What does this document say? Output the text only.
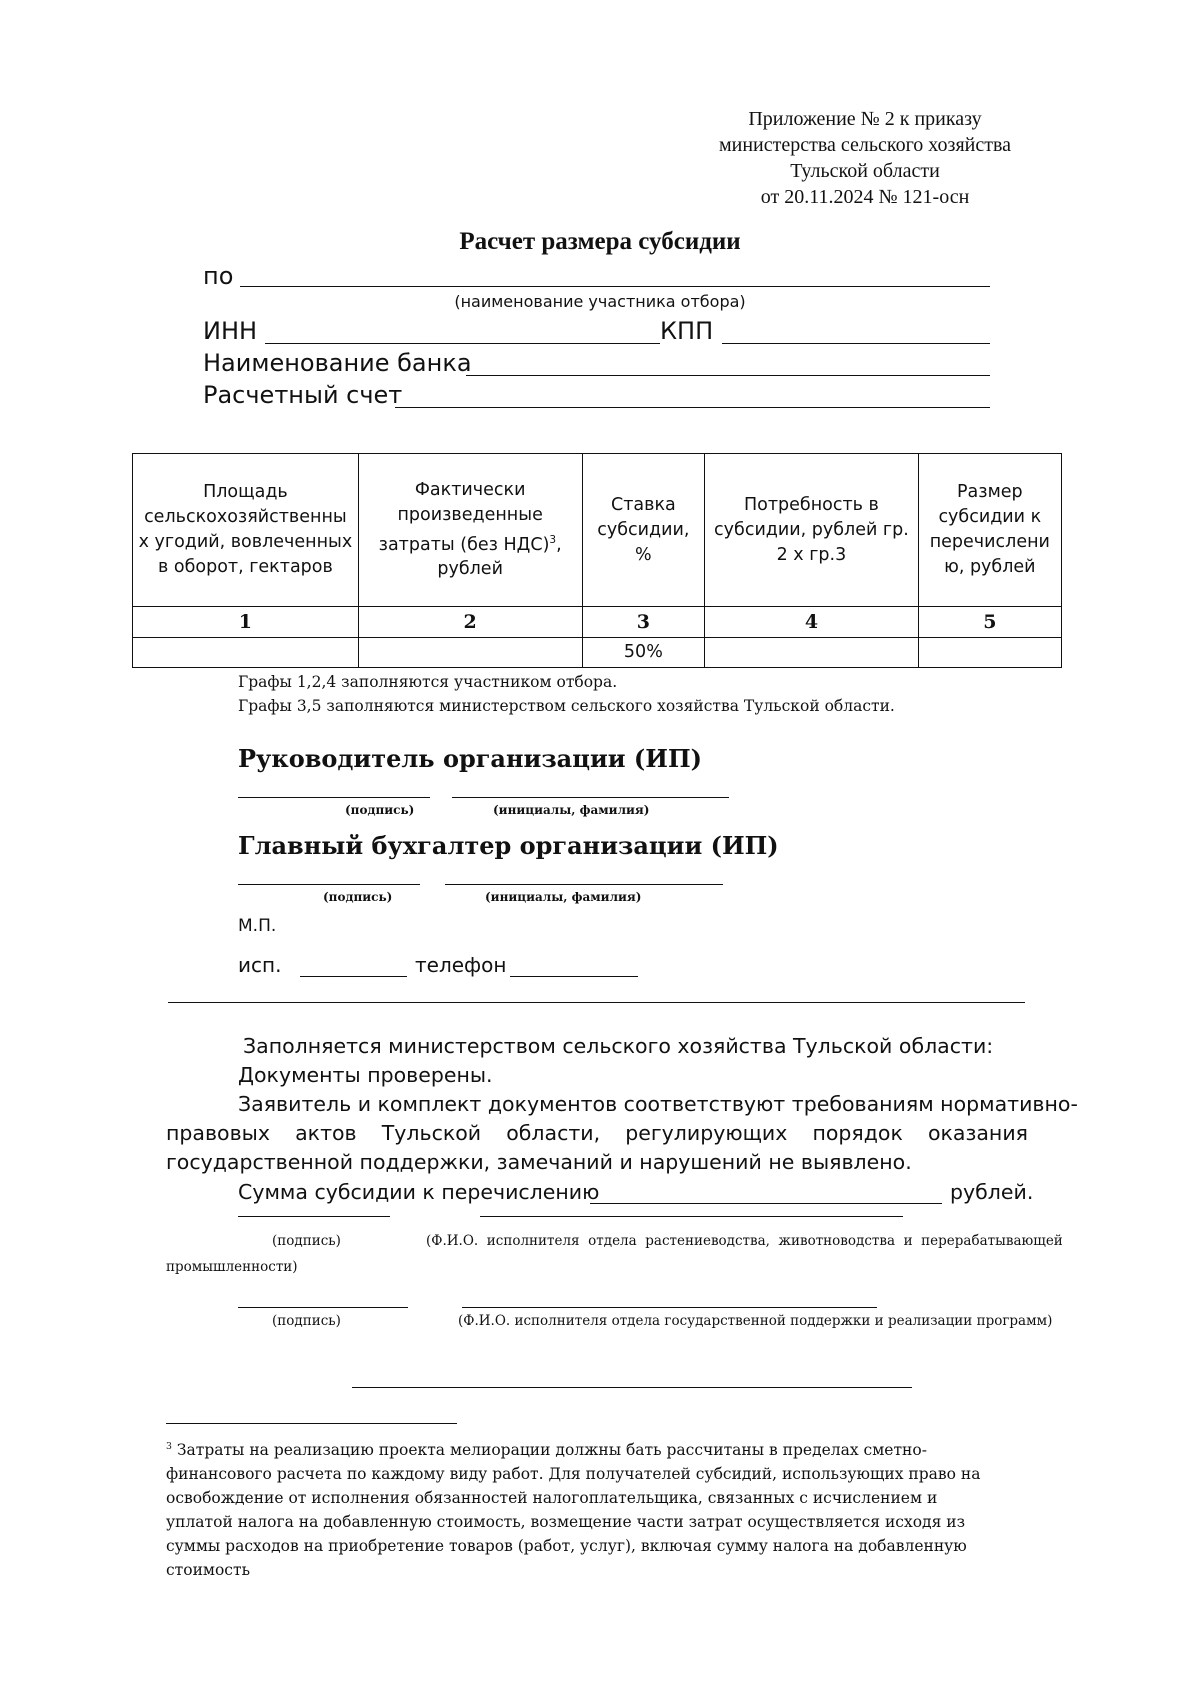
Приложение № 2 к приказу
министерства сельского хозяйства
Тульской области
от 20.11.2024 № 121-осн
Расчет размера субсидии
по
(наименование участника отбора)
ИНН	КПП
Наименование банка
Расчетный счет
Площадь сельскохозяйственны х угодий, вовлеченных в оборот, гектаров	Фактически произведенные затраты (без НДС)$^3$, рублей	Ставка субсидии, %	Потребность в субсидии, рублей гр. 2 х гр.3	Размер субсидии к перечислени ю, рублей
1	2	3	4	5
		50%		
Графы 1,2,4 заполняются участником отбора.
Графы 3,5 заполняются министерством сельского хозяйства Тульской области.
Руководитель организации (ИП)
(подпись)	(инициалы, фамилия)
Главный бухгалтер организации (ИП)
(подпись)	(инициалы, фамилия)
М.П.
исп.	телефон
Заполняется министерством сельского хозяйства Тульской области:
Документы проверены.
Заявитель и комплект документов соответствуют требованиям нормативно-
правовых актов Тульской области, регулирующих порядок оказания
государственной поддержки, замечаний и нарушений не выявлено.
Сумма субсидии к перечислению	рублей.
(подпись)	(Ф.И.О.  исполнителя  отдела  растениеводства,  животноводства  и  перерабатывающей
промышленности)
(подпись)	(Ф.И.О. исполнителя отдела государственной поддержки и реализации программ)
$^3$ Затраты на реализацию проекта мелиорации должны бать рассчитаны в пределах сметно-
финансового расчета по каждому виду работ. Для получателей субсидий, использующих право на
освобождение от исполнения обязанностей налогоплательщика, связанных с исчислением и
уплатой налога на добавленную стоимость, возмещение части затрат осуществляется исходя из
суммы расходов на приобретение товаров (работ, услуг), включая сумму налога на добавленную
стоимость
